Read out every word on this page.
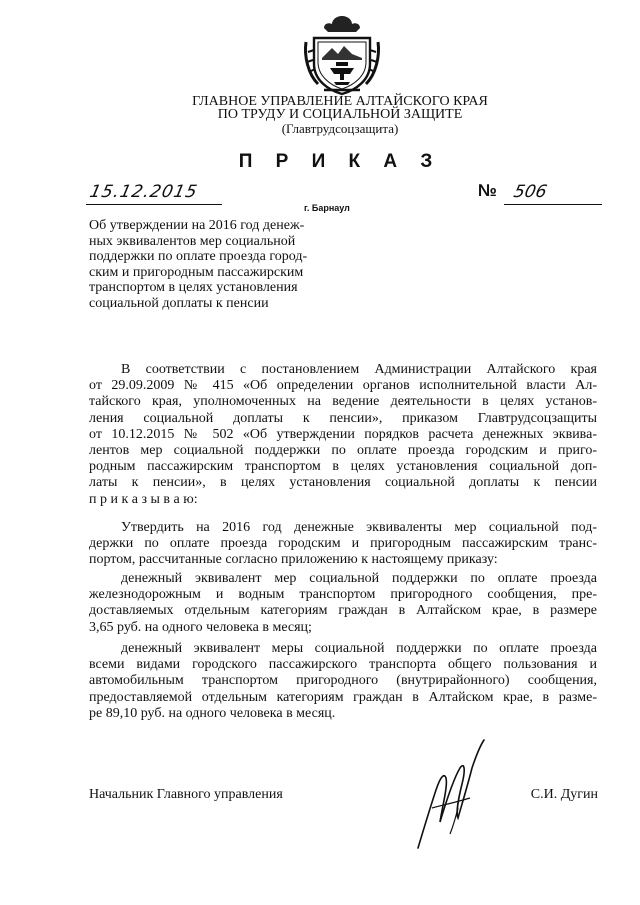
ГЛАВНОЕ УПРАВЛЕНИЕ АЛТАЙСКОГО КРАЯ
ПО ТРУДУ И СОЦИАЛЬНОЙ ЗАЩИТЕ
(Главтрудсоцзащита)
П Р И К А З
15.12.2015
г. Барнаул
№ 506
Об утверждении на 2016 год денеж-
ных эквивалентов мер социальной
поддержки по оплате проезда город-
ским и пригородным пассажирским
транспортом в целях установления
социальной доплаты к пенсии
В соответствии с постановлением Администрации Алтайского края
от 29.09.2009 № 415 «Об определении органов исполнительной власти Ал-
тайского края, уполномоченных на ведение деятельности в целях установ-
ления социальной доплаты к пенсии», приказом Главтрудсоцзащиты
от 10.12.2015 № 502 «Об утверждении порядков расчета денежных эквива-
лентов мер социальной поддержки по оплате проезда городским и приго-
родным пассажирским транспортом в целях установления социальной доп-
латы к пенсии», в целях установления социальной доплаты к пенсии
п р и к а з ы в а ю:
Утвердить на 2016 год денежные эквиваленты мер социальной под-
держки по оплате проезда городским и пригородным пассажирским транс-
портом, рассчитанные согласно приложению к настоящему приказу:
денежный эквивалент мер социальной поддержки по оплате проезда
железнодорожным и водным транспортом пригородного сообщения, пре-
доставляемых отдельным категориям граждан в Алтайском крае, в размере
3,65 руб. на одного человека в месяц;
денежный эквивалент меры социальной поддержки по оплате проезда
всеми видами городского пассажирского транспорта общего пользования и
автомобильным транспортом пригородного (внутрирайонного) сообщения,
предоставляемой отдельным категориям граждан в Алтайском крае, в разме-
ре 89,10 руб. на одного человека в месяц.
Начальник Главного управления	С.И. Дугин
